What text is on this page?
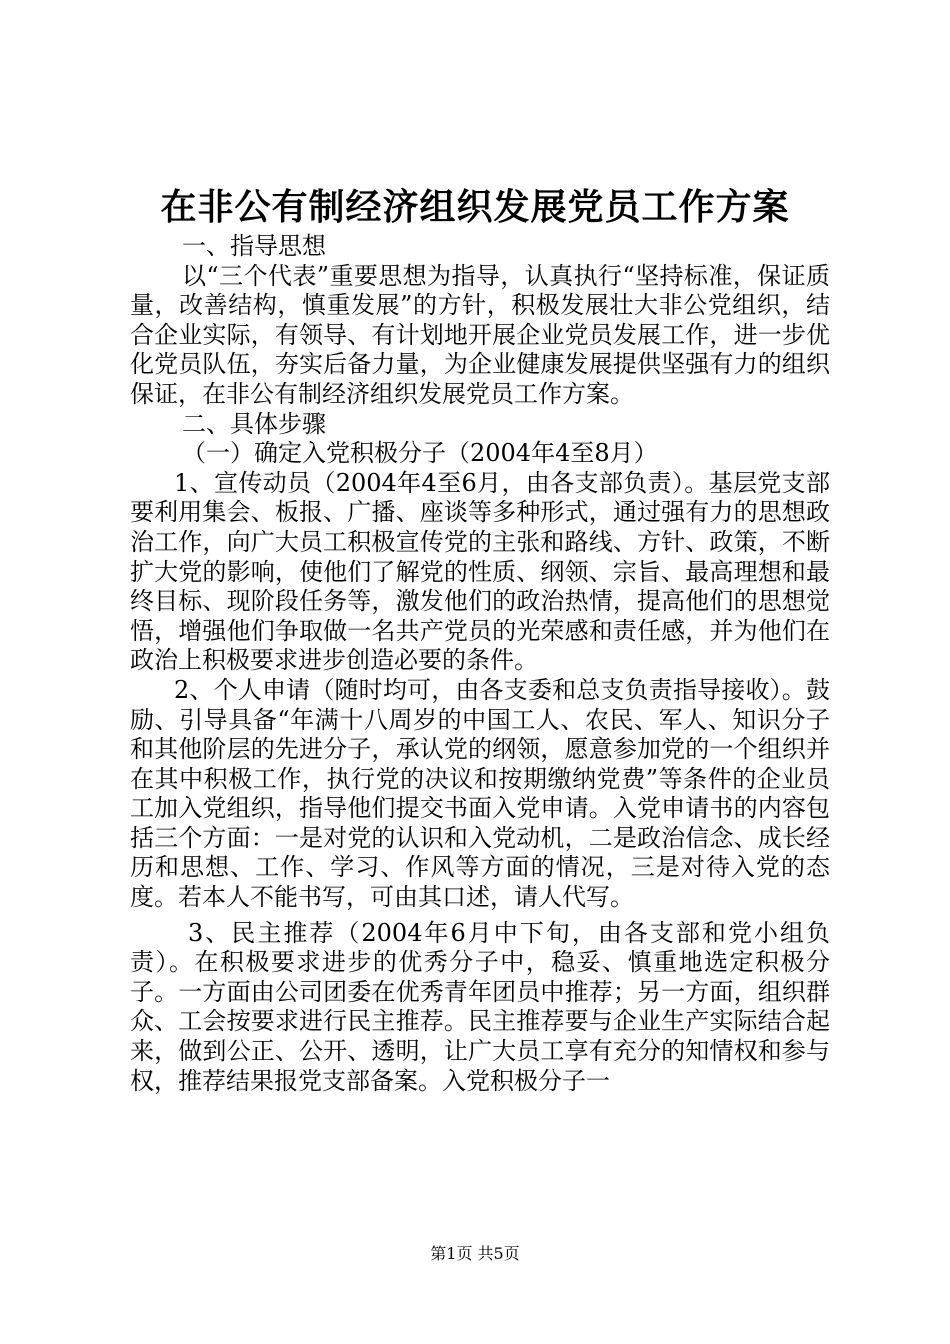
在非公有制经济组织发展党员工作方案

一、指导思想

以“三个代表”重要思想为指导，认真执行“坚持标准，保证质量，改善结构，慎重发展”的方针，积极发展壮大非公党组织，结合企业实际，有领导、有计划地开展企业党员发展工作，进一步优化党员队伍，夯实后备力量，为企业健康发展提供坚强有力的组织保证，在非公有制经济组织发展党员工作方案。

二、具体步骤

（一）确定入党积极分子（2004年4至8月）

1、宣传动员（2004年4至6月，由各支部负责）。基层党支部要利用集会、板报、广播、座谈等多种形式，通过强有力的思想政治工作，向广大员工积极宣传党的主张和路线、方针、政策，不断扩大党的影响，使他们了解党的性质、纲领、宗旨、最高理想和最终目标、现阶段任务等，激发他们的政治热情，提高他们的思想觉悟，增强他们争取做一名共产党员的光荣感和责任感，并为他们在政治上积极要求进步创造必要的条件。

2、个人申请（随时均可，由各支委和总支负责指导接收）。鼓励、引导具备“年满十八周岁的中国工人、农民、军人、知识分子和其他阶层的先进分子，承认党的纲领，愿意参加党的一个组织并在其中积极工作，执行党的决议和按期缴纳党费”等条件的企业员工加入党组织，指导他们提交书面入党申请。入党申请书的内容包括三个方面：一是对党的认识和入党动机，二是政治信念、成长经历和思想、工作、学习、作风等方面的情况，三是对待入党的态度。若本人不能书写，可由其口述，请人代写。

3、民主推荐（2004年6月中下旬，由各支部和党小组负责）。在积极要求进步的优秀分子中，稳妥、慎重地选定积极分子。一方面由公司团委在优秀青年团员中推荐；另一方面，组织群众、工会按要求进行民主推荐。民主推荐要与企业生产实际结合起来，做到公正、公开、透明，让广大员工享有充分的知情权和参与权，推荐结果报党支部备案。入党积极分子一

第1页 共5页
